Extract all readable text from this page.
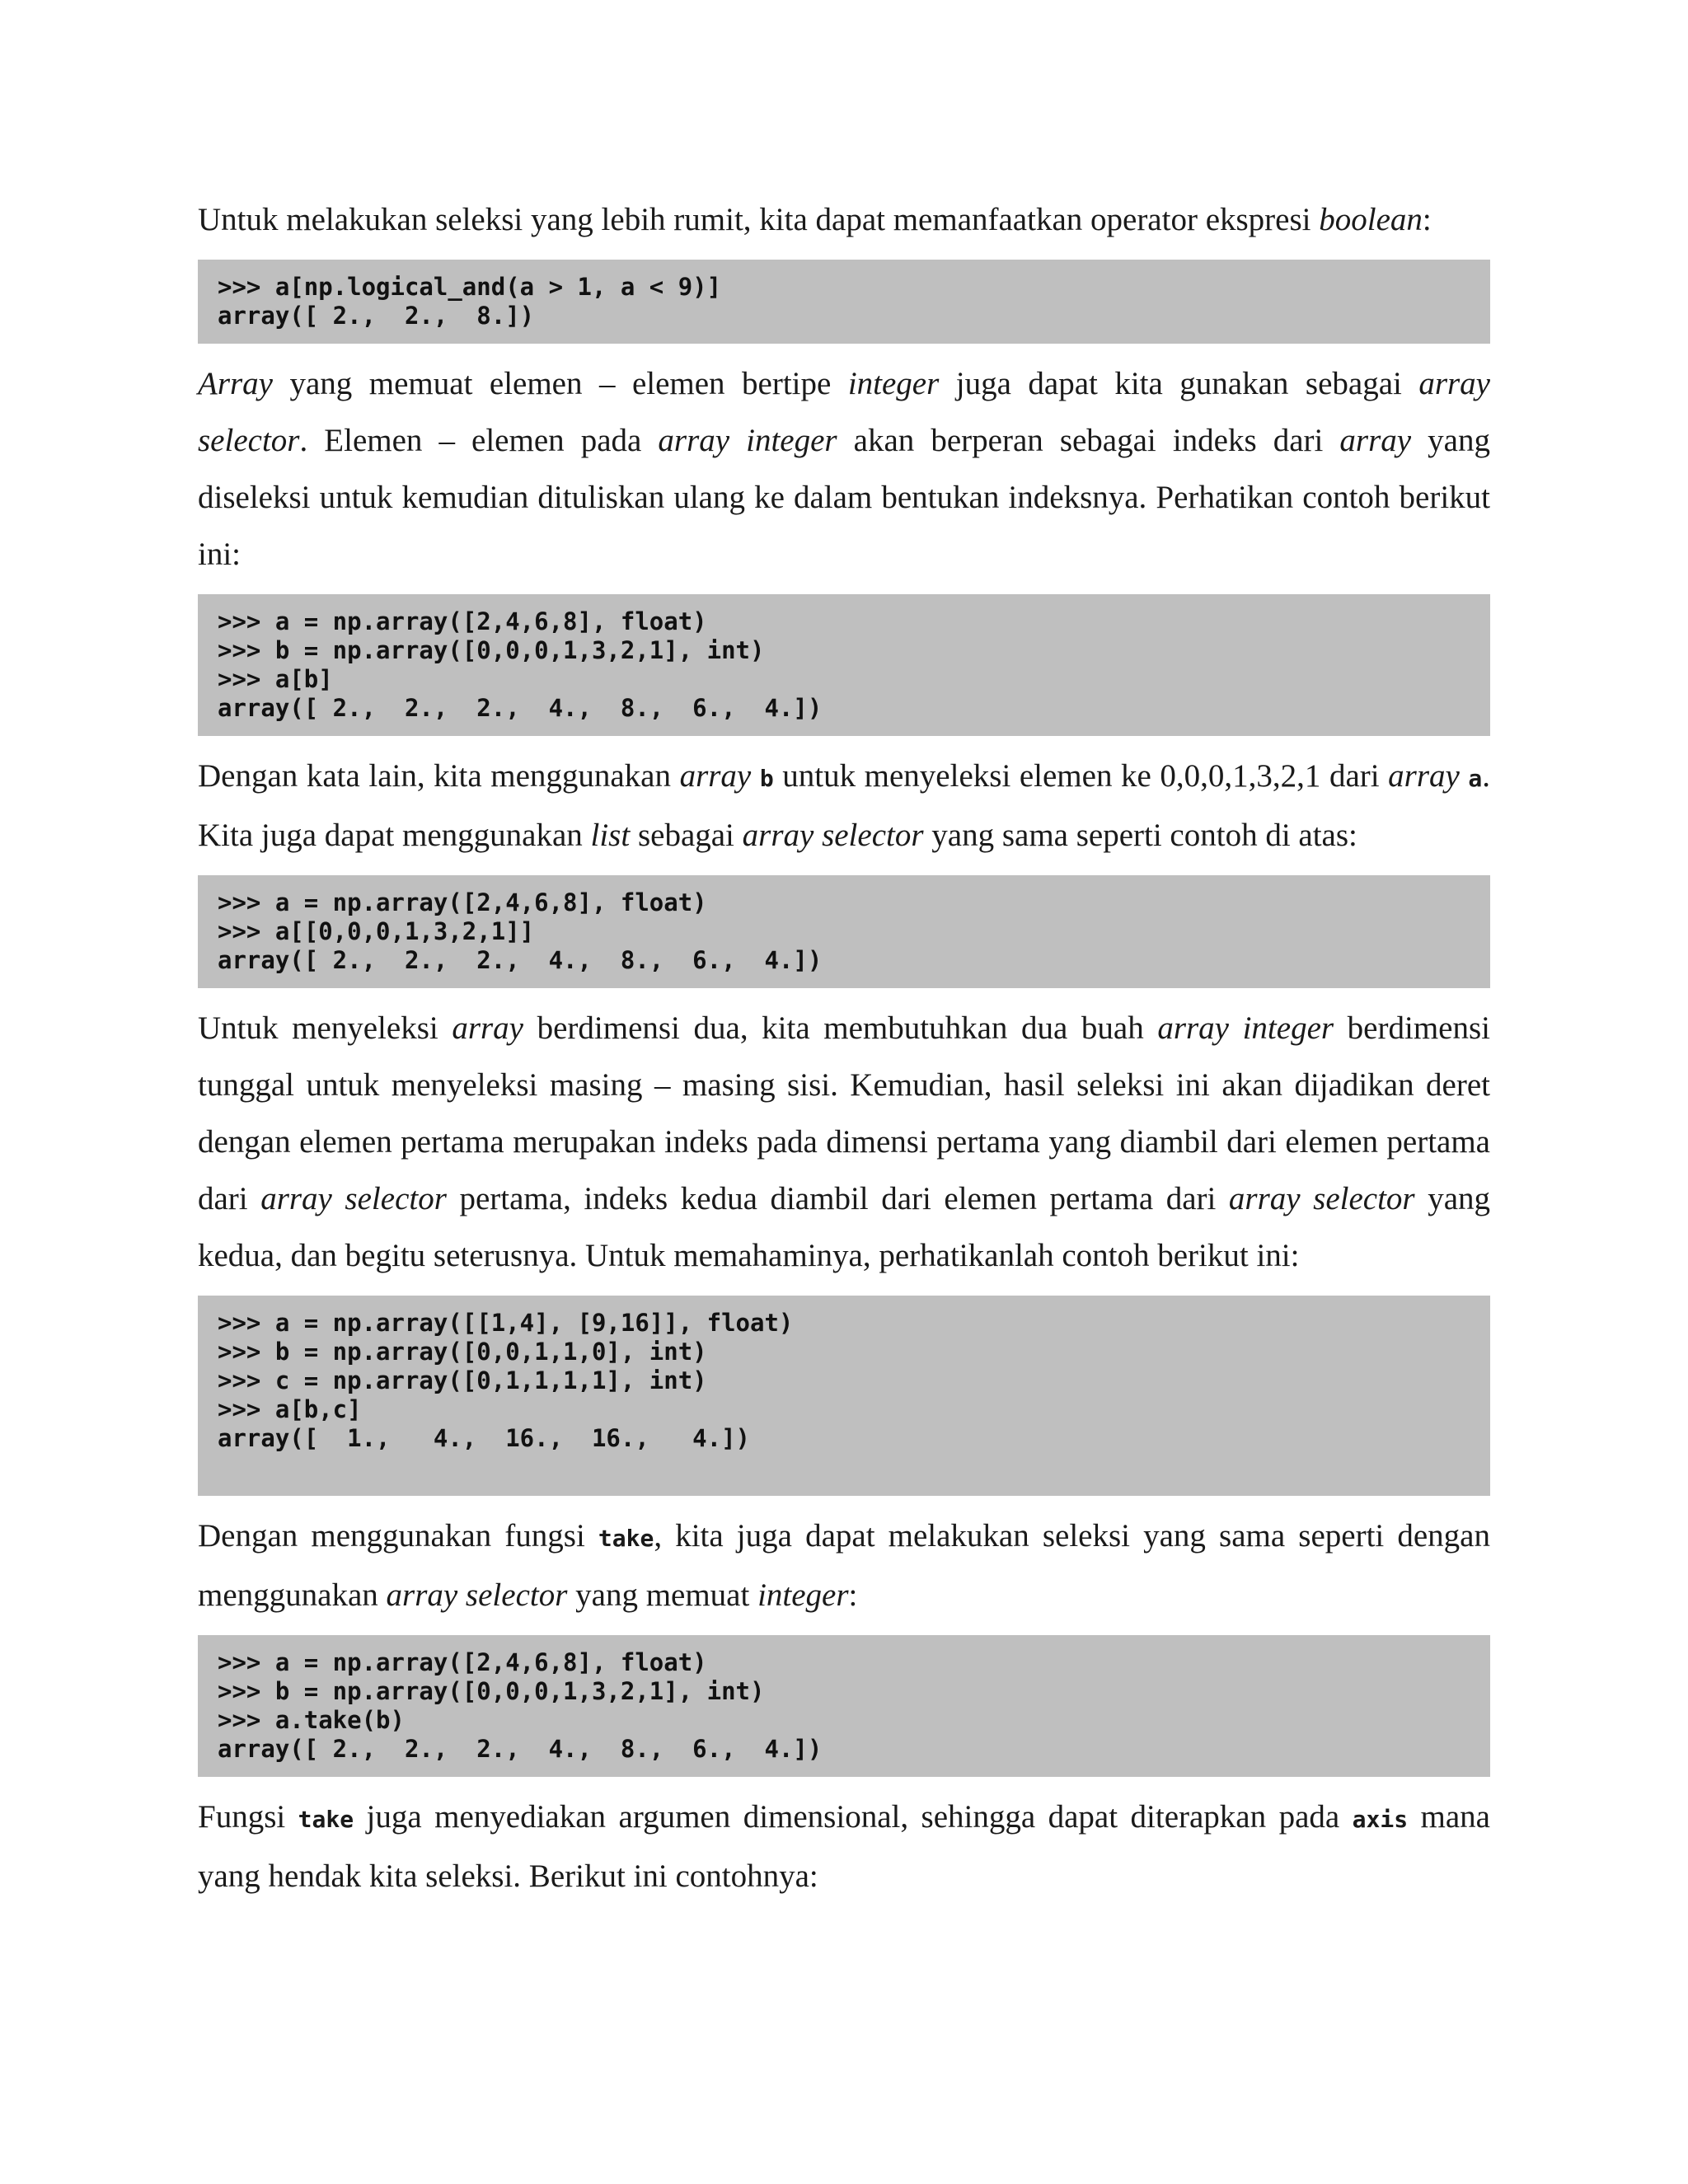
Untuk melakukan seleksi yang lebih rumit, kita dapat memanfaatkan operator ekspresi boolean:

>>> a[np.logical_and(a > 1, a < 9)]
array([ 2.,  2.,  8.])

Array yang memuat elemen – elemen bertipe integer juga dapat kita gunakan sebagai array selector. Elemen – elemen pada array integer akan berperan sebagai indeks dari array yang diseleksi untuk kemudian dituliskan ulang ke dalam bentukan indeksnya. Perhatikan contoh berikut ini:

>>> a = np.array([2,4,6,8], float)
>>> b = np.array([0,0,0,1,3,2,1], int)
>>> a[b]
array([ 2.,  2.,  2.,  4.,  8.,  6.,  4.])

Dengan kata lain, kita menggunakan array b untuk menyeleksi elemen ke 0,0,0,1,3,2,1 dari array a. Kita juga dapat menggunakan list sebagai array selector yang sama seperti contoh di atas:

>>> a = np.array([2,4,6,8], float)
>>> a[[0,0,0,1,3,2,1]]
array([ 2.,  2.,  2.,  4.,  8.,  6.,  4.])

Untuk menyeleksi array berdimensi dua, kita membutuhkan dua buah array integer berdimensi tunggal untuk menyeleksi masing – masing sisi. Kemudian, hasil seleksi ini akan dijadikan deret dengan elemen pertama merupakan indeks pada dimensi pertama yang diambil dari elemen pertama dari array selector pertama, indeks kedua diambil dari elemen pertama dari array selector yang kedua, dan begitu seterusnya. Untuk memahaminya, perhatikanlah contoh berikut ini:

>>> a = np.array([[1,4], [9,16]], float)
>>> b = np.array([0,0,1,1,0], int)
>>> c = np.array([0,1,1,1,1], int)
>>> a[b,c]
array([  1.,   4.,  16.,  16.,   4.])

Dengan menggunakan fungsi take, kita juga dapat melakukan seleksi yang sama seperti dengan menggunakan array selector yang memuat integer:

>>> a = np.array([2,4,6,8], float)
>>> b = np.array([0,0,0,1,3,2,1], int)
>>> a.take(b)
array([ 2.,  2.,  2.,  4.,  8.,  6.,  4.])

Fungsi take juga menyediakan argumen dimensional, sehingga dapat diterapkan pada axis mana yang hendak kita seleksi. Berikut ini contohnya:
